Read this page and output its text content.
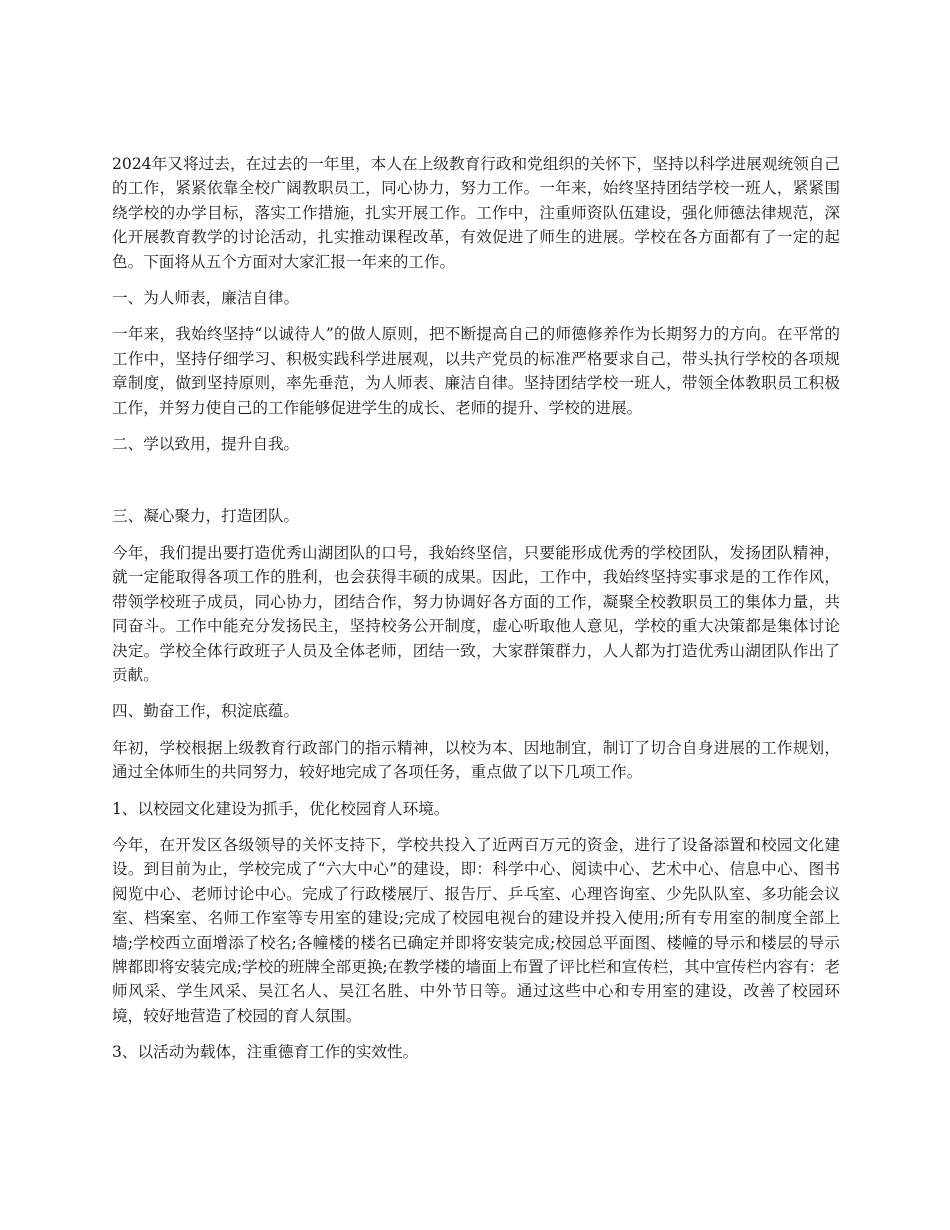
2024年又将过去，在过去的一年里，本人在上级教育行政和党组织的关怀下，坚持以科学进展观统领自己的工作，紧紧依靠全校广阔教职员工，同心协力，努力工作。一年来，始终坚持团结学校一班人，紧紧围绕学校的办学目标，落实工作措施，扎实开展工作。工作中，注重师资队伍建设，强化师德法律规范，深化开展教育教学的讨论活动，扎实推动课程改革，有效促进了师生的进展。学校在各方面都有了一定的起色。下面将从五个方面对大家汇报一年来的工作。

一、为人师表，廉洁自律。

一年来，我始终坚持“以诚待人”的做人原则，把不断提高自己的师德修养作为长期努力的方向。在平常的工作中，坚持仔细学习、积极实践科学进展观，以共产党员的标准严格要求自己，带头执行学校的各项规章制度，做到坚持原则，率先垂范，为人师表、廉洁自律。坚持团结学校一班人，带领全体教职员工积极工作，并努力使自己的工作能够促进学生的成长、老师的提升、学校的进展。

二、学以致用，提升自我。

三、凝心聚力，打造团队。

今年，我们提出要打造优秀山湖团队的口号，我始终坚信，只要能形成优秀的学校团队，发扬团队精神，就一定能取得各项工作的胜利，也会获得丰硕的成果。因此，工作中，我始终坚持实事求是的工作作风，带领学校班子成员，同心协力，团结合作，努力协调好各方面的工作，凝聚全校教职员工的集体力量，共同奋斗。工作中能充分发扬民主，坚持校务公开制度，虚心听取他人意见，学校的重大决策都是集体讨论决定。学校全体行政班子人员及全体老师，团结一致，大家群策群力，人人都为打造优秀山湖团队作出了贡献。

四、勤奋工作，积淀底蕴。

年初，学校根据上级教育行政部门的指示精神，以校为本、因地制宜，制订了切合自身进展的工作规划，通过全体师生的共同努力，较好地完成了各项任务，重点做了以下几项工作。

1、以校园文化建设为抓手，优化校园育人环境。

今年，在开发区各级领导的关怀支持下，学校共投入了近两百万元的资金，进行了设备添置和校园文化建设。到目前为止，学校完成了“六大中心”的建设，即：科学中心、阅读中心、艺术中心、信息中心、图书阅览中心、老师讨论中心。完成了行政楼展厅、报告厅、乒乓室、心理咨询室、少先队队室、多功能会议室、档案室、名师工作室等专用室的建设;完成了校园电视台的建设并投入使用;所有专用室的制度全部上墙;学校西立面增添了校名;各幢楼的楼名已确定并即将安装完成;校园总平面图、楼幢的导示和楼层的导示牌都即将安装完成;学校的班牌全部更换;在教学楼的墙面上布置了评比栏和宣传栏，其中宣传栏内容有：老师风采、学生风采、吴江名人、吴江名胜、中外节日等。通过这些中心和专用室的建设，改善了校园环境，较好地营造了校园的育人氛围。

3、以活动为载体，注重德育工作的实效性。
